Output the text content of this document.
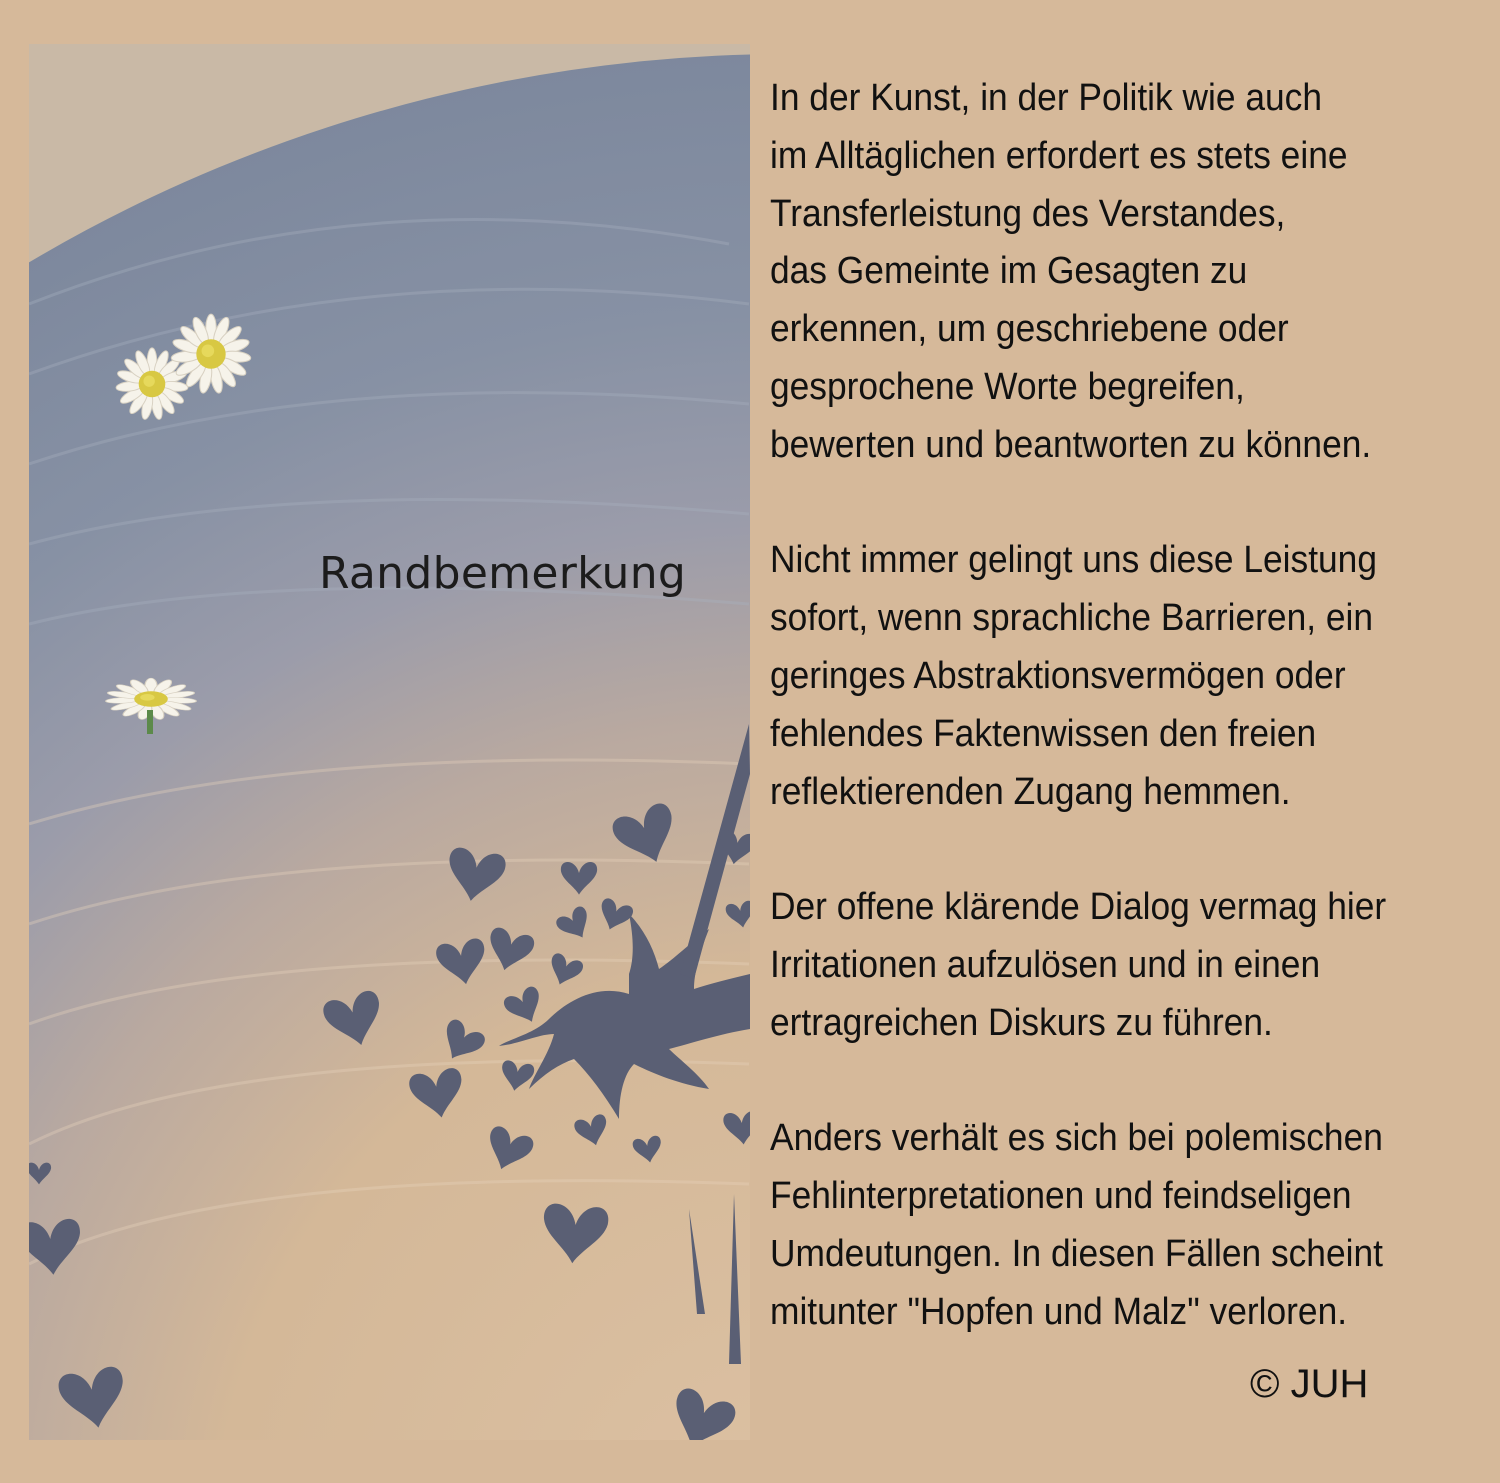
Randbemerkung
In der Kunst, in der Politik wie auch
im Alltäglichen erfordert es stets eine
Transferleistung des Verstandes,
das Gemeinte im Gesagten zu
erkennen, um geschriebene oder
gesprochene Worte begreifen,
bewerten und beantworten zu können.
Nicht immer gelingt uns diese Leistung
sofort, wenn sprachliche Barrieren, ein
geringes Abstraktionsvermögen oder
fehlendes Faktenwissen den freien
reflektierenden Zugang hemmen.
Der offene klärende Dialog vermag hier
Irritationen aufzulösen und in einen
ertragreichen Diskurs zu führen.
Anders verhält es sich bei polemischen
Fehlinterpretationen und feindseligen
Umdeutungen. In diesen Fällen scheint
mitunter "Hopfen und Malz" verloren.
© JUH
